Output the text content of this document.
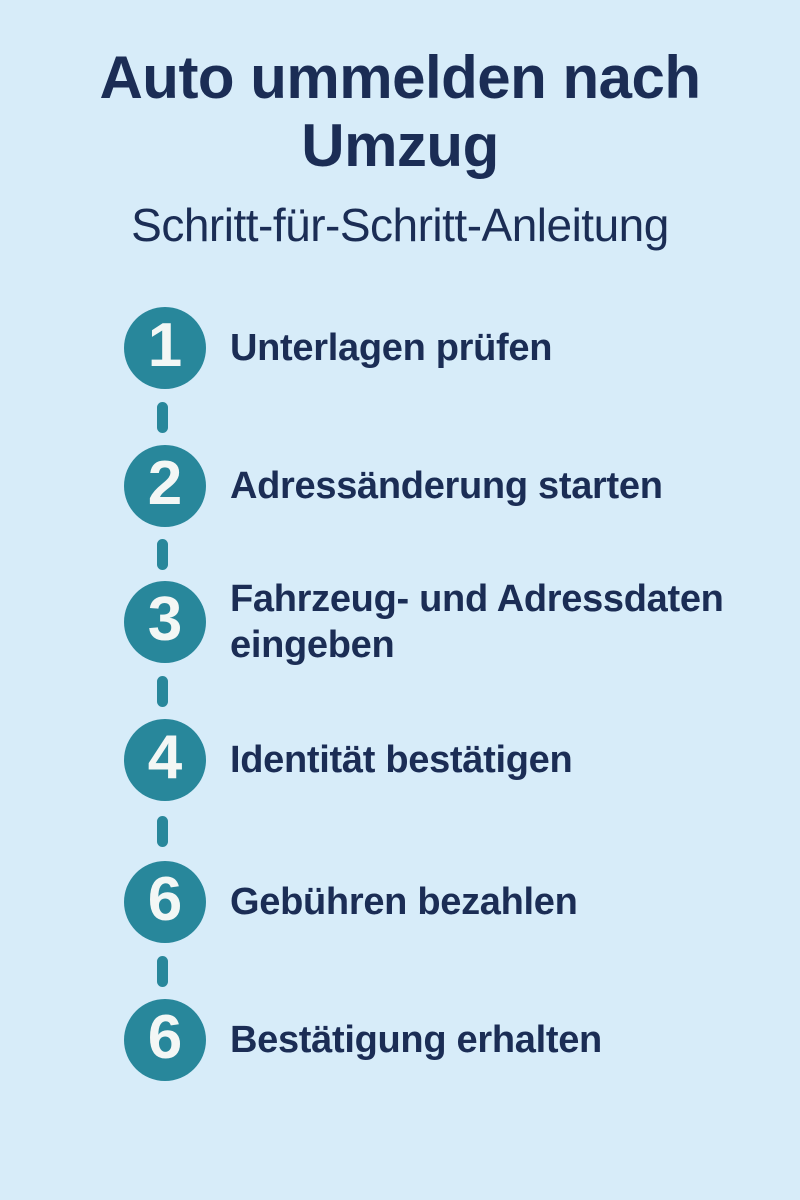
Auto ummelden nach Umzug
Schritt-für-Schritt-Anleitung
1 Unterlagen prüfen
2 Adressänderung starten
3 Fahrzeug- und Adressdaten eingeben
4 Identität bestätigen
6 Gebühren bezahlen
6 Bestätigung erhalten
